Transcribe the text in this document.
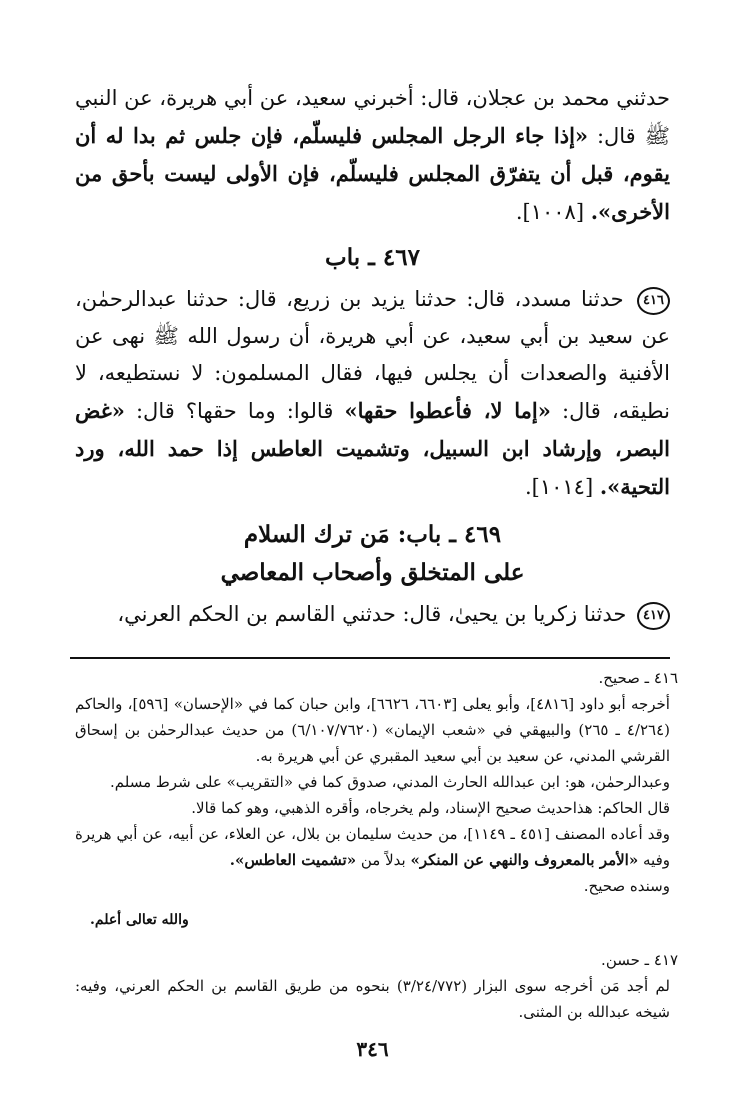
حدثني محمد بن عجلان، قال: أخبرني سعيد، عن أبي هريرة، عن النبي ﷺ قال: «إذا جاء الرجل المجلس فليسلّم، فإن جلس ثم بدا له أن يقوم، قبل أن يتفرّق المجلس فليسلّم، فإن الأولى ليست بأحق من الأخرى». [١٠٠٨].

٤٦٧ ـ باب

٤١٦ حدثنا مسدد، قال: حدثنا يزيد بن زريع، قال: حدثنا عبدالرحمٰن، عن سعيد بن أبي سعيد، عن أبي هريرة، أن رسول الله ﷺ نهى عن الأفنية والصعدات أن يجلس فيها، فقال المسلمون: لا نستطيعه، لا نطيقه، قال: «إما لا، فأعطوا حقها» قالوا: وما حقها؟ قال: «غض البصر، وإرشاد ابن السبيل، وتشميت العاطس إذا حمد الله، ورد التحية». [١٠١٤].

٤٦٩ ـ باب: مَن ترك السلام
على المتخلق وأصحاب المعاصي

٤١٧ حدثنا زكريا بن يحيىٰ، قال: حدثني القاسم بن الحكم العرني،

٤١٦ ـ صحيح.

أخرجه أبو داود [٤٨١٦]، وأبو يعلى [٦٦٠٣، ٦٦٢٦]، وابن حبان كما في «الإحسان» [٥٩٦]، والحاكم (٤/٢٦٤ ـ ٢٦٥) والبيهقي في «شعب الإيمان» (٦/١٠٧/٧٦٢٠) من حديث عبدالرحمٰن بن إسحاق القرشي المدني، عن سعيد بن أبي سعيد المقبري عن أبي هريرة به.

وعبدالرحمٰن، هو: ابن عبدالله الحارث المدني، صدوق كما في «التقريب» على شرط مسلم.

قال الحاكم: هذاحديث صحيح الإسناد، ولم يخرجاه، وأقره الذهبي، وهو كما قالا.

وقد أعاده المصنف [٤٥١ ـ ١١٤٩]، من حديث سليمان بن بلال، عن العلاء، عن أبيه، عن أبي هريرة وفيه «الأمر بالمعروف والنهي عن المنكر» بدلاً من «تشميت العاطس».

وسنده صحيح.

والله تعالى أعلم.

٤١٧ ـ حسن.

لم أجد مَن أخرجه سوى البزار (٣/٢٤/٧٧٢) بنحوه من طريق القاسم بن الحكم العرني، وفيه: شيخه عبدالله بن المثنى.

٣٤٦
